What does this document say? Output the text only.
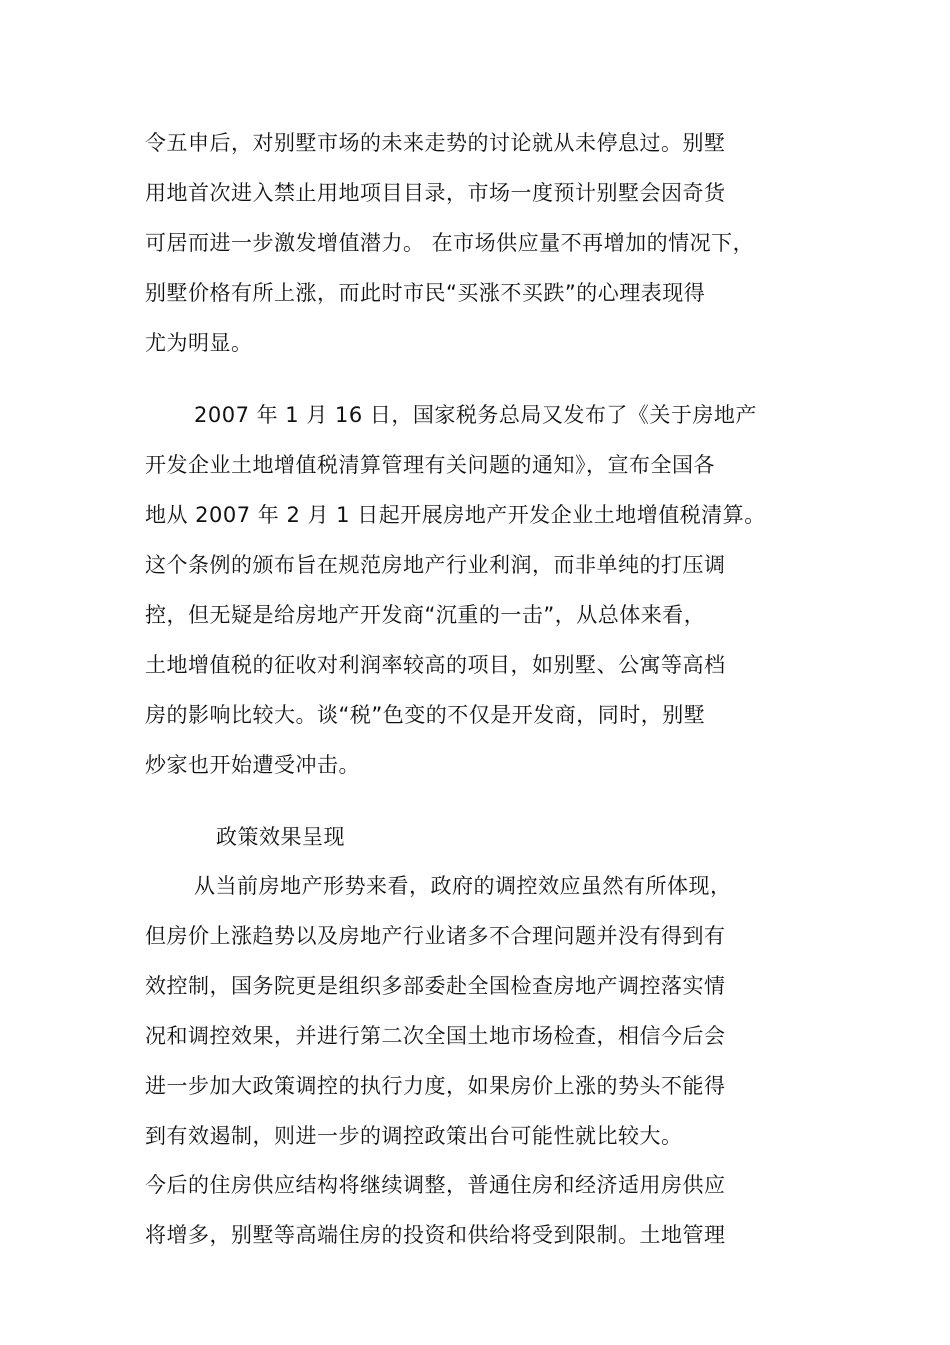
令五申后，对别墅市场的未来走势的讨论就从未停息过。别墅
用地首次进入禁止用地项目目录，市场一度预计别墅会因奇货
可居而进一步激发增值潜力。 在市场供应量不再增加的情况下，
别墅价格有所上涨，而此时市民“买涨不买跌”的心理表现得
尤为明显。
2007 年 1 月 16 日，国家税务总局又发布了《关于房地产
开发企业土地增值税清算管理有关问题的通知》，宣布全国各
地从 2007 年 2 月 1 日起开展房地产开发企业土地增值税清算。
这个条例的颁布旨在规范房地产行业利润，而非单纯的打压调
控，但无疑是给房地产开发商“沉重的一击”，从总体来看，
土地增值税的征收对利润率较高的项目，如别墅、公寓等高档
房的影响比较大。谈“税”色变的不仅是开发商，同时，别墅
炒家也开始遭受冲击。
政策效果呈现
从当前房地产形势来看，政府的调控效应虽然有所体现，
但房价上涨趋势以及房地产行业诸多不合理问题并没有得到有
效控制，国务院更是组织多部委赴全国检查房地产调控落实情
况和调控效果，并进行第二次全国土地市场检查，相信今后会
进一步加大政策调控的执行力度，如果房价上涨的势头不能得
到有效遏制，则进一步的调控政策出台可能性就比较大。
今后的住房供应结构将继续调整，普通住房和经济适用房供应
将增多，别墅等高端住房的投资和供给将受到限制。土地管理
